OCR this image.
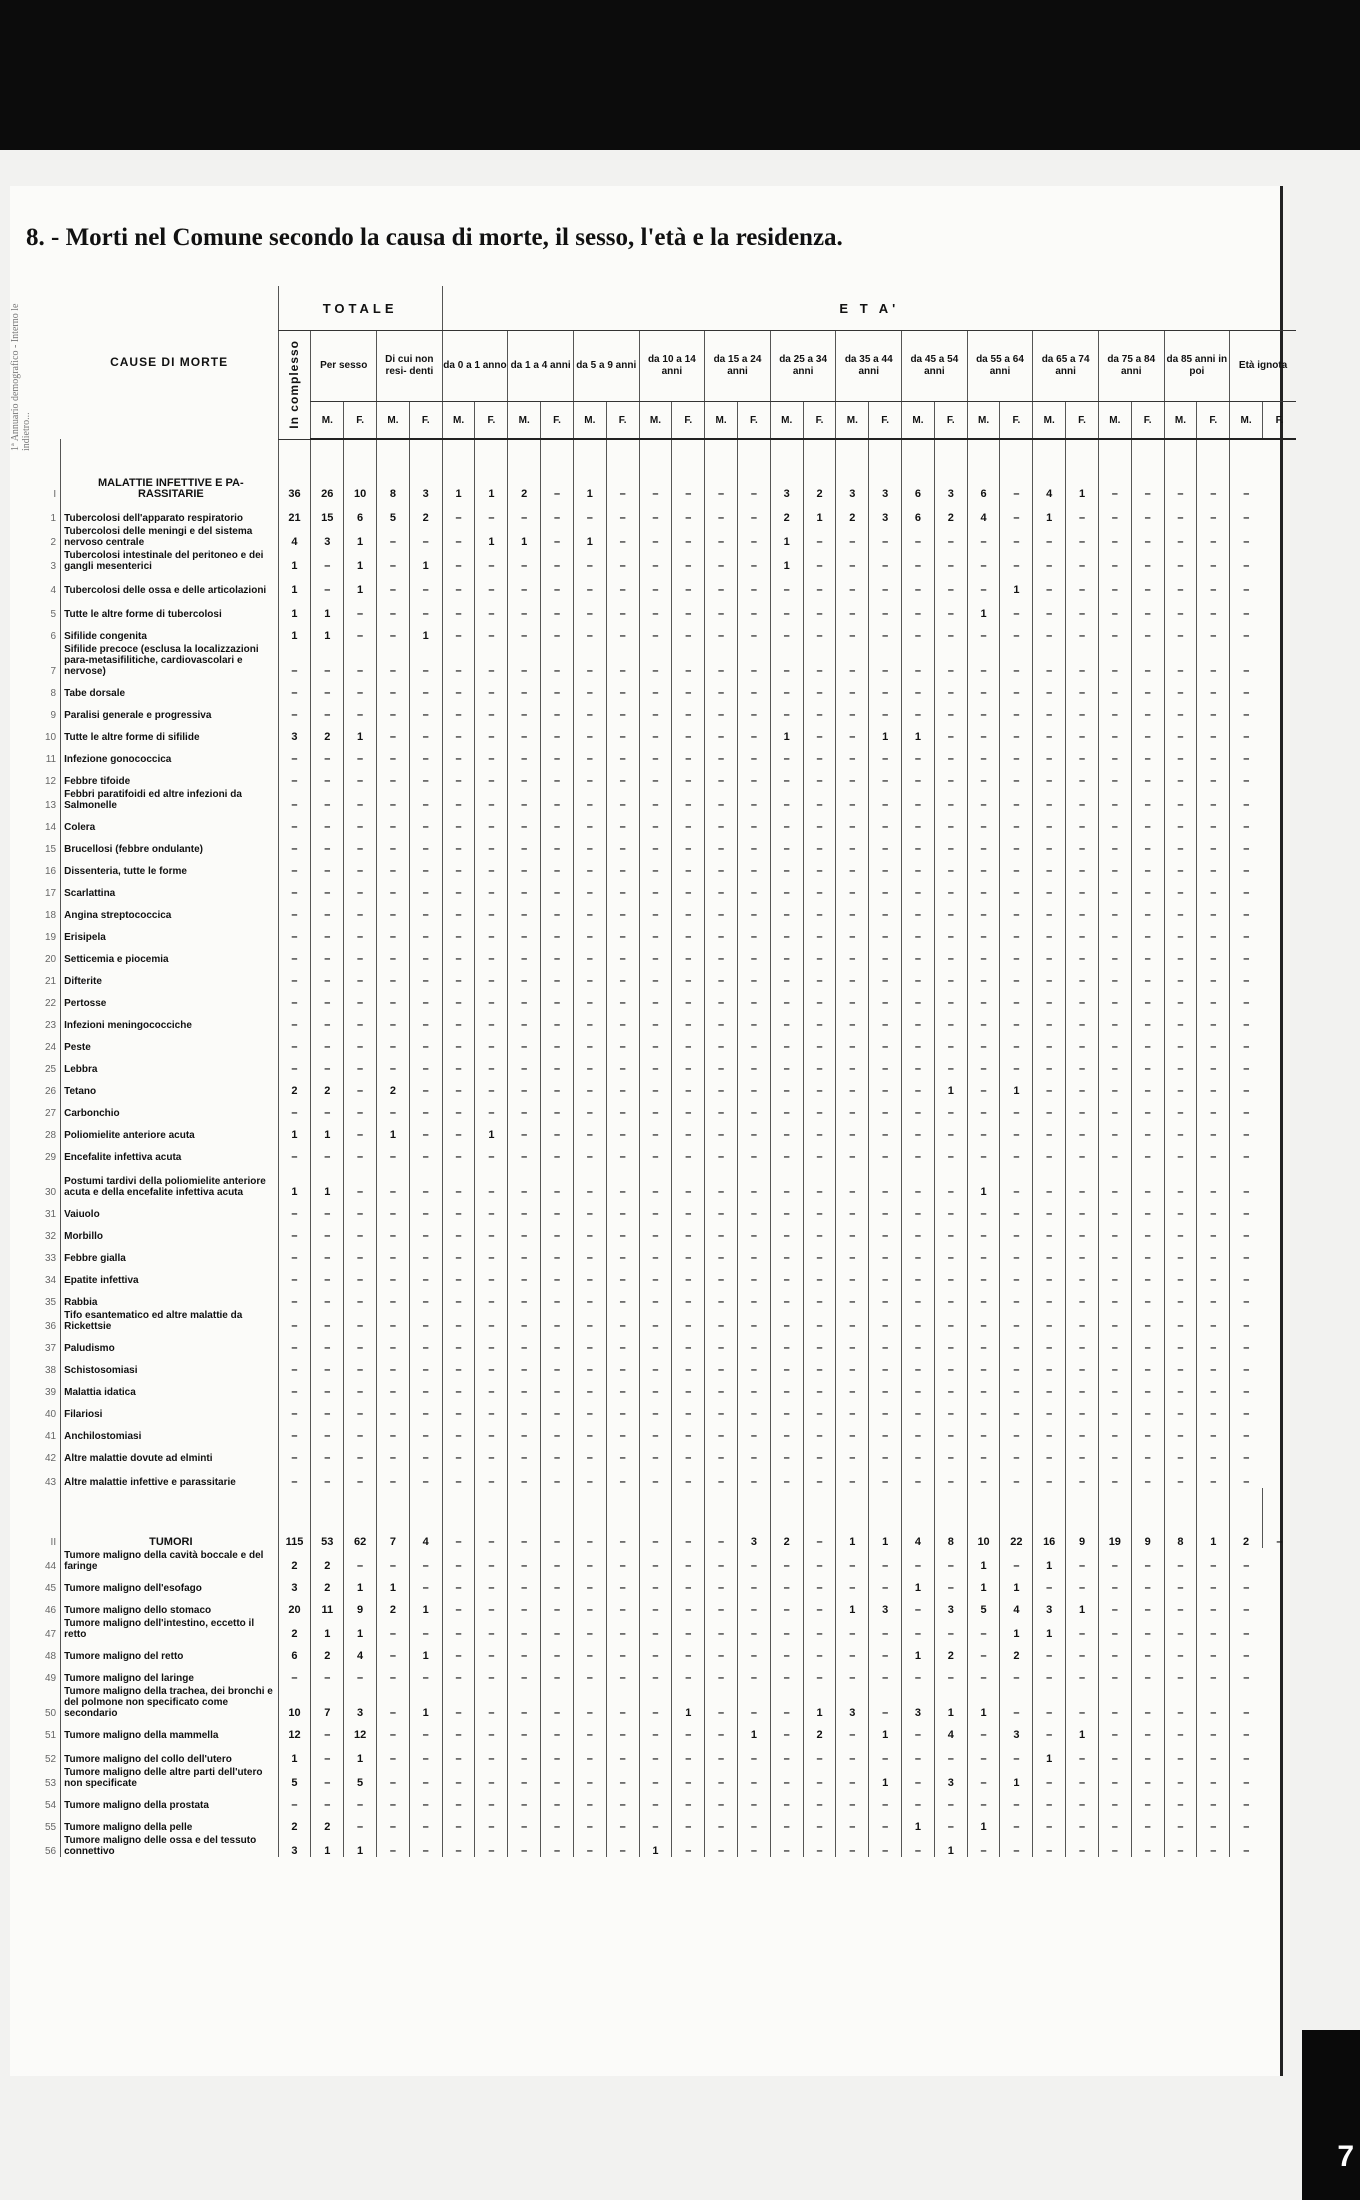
1ª Annuario demografico - Interno le indietro...
8. - Morti nel Comune secondo la causa di morte, il sesso, l'età e la residenza.
	CAUSE DI MORTE	TOTALE					E T A'																									

		In complesso	Per sesso		Di cui non resi- denti		da 0 a 1 anno		da 1 a 4 anni		da 5 a 9 anni		da 10 a 14 anni		da 15 a 24 anni		da 25 a 34 anni		da 35 a 44 anni		da 45 a 54 anni		da 55 a 64 anni		da 65 a 74 anni		da 75 a 84 anni		da 85 anni in poi		Età ignota	
			M.	F.	M.	F.	M.	F.	M.	F.	M.	F.	M.	F.	M.	F.	M.	F.	M.	F.	M.	F.	M.	F.	M.	F.	M.	F.	M.	F.	M.	F.
I	MALATTIE INFETTIVE E PA- RASSITARIE	36	26	10	8	3	1	1	2	–	1	–	–	–	–	–	3	2	3	3	6	3	6	–	4	1	–	–	–	–	–	
1	Tubercolosi dell'apparato respiratorio	21	15	6	5	2	–	–	–	–	–	–	–	–	–	–	2	1	2	3	6	2	4	–	1	–	–	–	–	–	–	
2	Tubercolosi delle meningi e del sistema nervoso centrale	4	3	1	–	–	–	1	1	–	1	–	–	–	–	–	1	–	–	–	–	–	–	–	–	–	–	–	–	–	–	
3	Tubercolosi intestinale del peritoneo e dei gangli mesenterici	1	–	1	–	1	–	–	–	–	–	–	–	–	–	–	1	–	–	–	–	–	–	–	–	–	–	–	–	–	–	
4	Tubercolosi delle ossa e delle articolazioni	1	–	1	–	–	–	–	–	–	–	–	–	–	–	–	–	–	–	–	–	–	–	1	–	–	–	–	–	–	–	
5	Tutte le altre forme di tubercolosi	1	1	–	–	–	–	–	–	–	–	–	–	–	–	–	–	–	–	–	–	–	1	–	–	–	–	–	–	–	–	
6	Sifilide congenita	1	1	–	–	1	–	–	–	–	–	–	–	–	–	–	–	–	–	–	–	–	–	–	–	–	–	–	–	–	–	
7	Sifilide precoce (esclusa la localizzazioni para-metasifilitiche, cardiovascolari e nervose)	–	–	–	–	–	–	–	–	–	–	–	–	–	–	–	–	–	–	–	–	–	–	–	–	–	–	–	–	–	–	
8	Tabe dorsale	–	–	–	–	–	–	–	–	–	–	–	–	–	–	–	–	–	–	–	–	–	–	–	–	–	–	–	–	–	–	
9	Paralisi generale e progressiva	–	–	–	–	–	–	–	–	–	–	–	–	–	–	–	–	–	–	–	–	–	–	–	–	–	–	–	–	–	–	
10	Tutte le altre forme di sifilide	3	2	1	–	–	–	–	–	–	–	–	–	–	–	–	1	–	–	1	1	–	–	–	–	–	–	–	–	–	–	
11	Infezione gonococcica	–	–	–	–	–	–	–	–	–	–	–	–	–	–	–	–	–	–	–	–	–	–	–	–	–	–	–	–	–	–	
12	Febbre tifoide	–	–	–	–	–	–	–	–	–	–	–	–	–	–	–	–	–	–	–	–	–	–	–	–	–	–	–	–	–	–	
13	Febbri paratifoidi ed altre infezioni da Salmonelle	–	–	–	–	–	–	–	–	–	–	–	–	–	–	–	–	–	–	–	–	–	–	–	–	–	–	–	–	–	–	
14	Colera	–	–	–	–	–	–	–	–	–	–	–	–	–	–	–	–	–	–	–	–	–	–	–	–	–	–	–	–	–	–	
15	Brucellosi (febbre ondulante)	–	–	–	–	–	–	–	–	–	–	–	–	–	–	–	–	–	–	–	–	–	–	–	–	–	–	–	–	–	–	
16	Dissenteria, tutte le forme	–	–	–	–	–	–	–	–	–	–	–	–	–	–	–	–	–	–	–	–	–	–	–	–	–	–	–	–	–	–	
17	Scarlattina	–	–	–	–	–	–	–	–	–	–	–	–	–	–	–	–	–	–	–	–	–	–	–	–	–	–	–	–	–	–	
18	Angina streptococcica	–	–	–	–	–	–	–	–	–	–	–	–	–	–	–	–	–	–	–	–	–	–	–	–	–	–	–	–	–	–	
19	Erisipela	–	–	–	–	–	–	–	–	–	–	–	–	–	–	–	–	–	–	–	–	–	–	–	–	–	–	–	–	–	–	
20	Setticemia e piocemia	–	–	–	–	–	–	–	–	–	–	–	–	–	–	–	–	–	–	–	–	–	–	–	–	–	–	–	–	–	–	
21	Difterite	–	–	–	–	–	–	–	–	–	–	–	–	–	–	–	–	–	–	–	–	–	–	–	–	–	–	–	–	–	–	
22	Pertosse	–	–	–	–	–	–	–	–	–	–	–	–	–	–	–	–	–	–	–	–	–	–	–	–	–	–	–	–	–	–	
23	Infezioni meningococciche	–	–	–	–	–	–	–	–	–	–	–	–	–	–	–	–	–	–	–	–	–	–	–	–	–	–	–	–	–	–	
24	Peste	–	–	–	–	–	–	–	–	–	–	–	–	–	–	–	–	–	–	–	–	–	–	–	–	–	–	–	–	–	–	
25	Lebbra	–	–	–	–	–	–	–	–	–	–	–	–	–	–	–	–	–	–	–	–	–	–	–	–	–	–	–	–	–	–	
26	Tetano	2	2	–	2	–	–	–	–	–	–	–	–	–	–	–	–	–	–	–	–	1	–	1	–	–	–	–	–	–	–	
27	Carbonchio	–	–	–	–	–	–	–	–	–	–	–	–	–	–	–	–	–	–	–	–	–	–	–	–	–	–	–	–	–	–	
28	Poliomielite anteriore acuta	1	1	–	1	–	–	1	–	–	–	–	–	–	–	–	–	–	–	–	–	–	–	–	–	–	–	–	–	–	–	
29	Encefalite infettiva acuta	–	–	–	–	–	–	–	–	–	–	–	–	–	–	–	–	–	–	–	–	–	–	–	–	–	–	–	–	–	–	
30	Postumi tardivi della poliomielite anteriore acuta e della encefalite infettiva acuta	1	1	–	–	–	–	–	–	–	–	–	–	–	–	–	–	–	–	–	–	–	1	–	–	–	–	–	–	–	–	
31	Vaiuolo	–	–	–	–	–	–	–	–	–	–	–	–	–	–	–	–	–	–	–	–	–	–	–	–	–	–	–	–	–	–	
32	Morbillo	–	–	–	–	–	–	–	–	–	–	–	–	–	–	–	–	–	–	–	–	–	–	–	–	–	–	–	–	–	–	
33	Febbre gialla	–	–	–	–	–	–	–	–	–	–	–	–	–	–	–	–	–	–	–	–	–	–	–	–	–	–	–	–	–	–	
34	Epatite infettiva	–	–	–	–	–	–	–	–	–	–	–	–	–	–	–	–	–	–	–	–	–	–	–	–	–	–	–	–	–	–	
35	Rabbia	–	–	–	–	–	–	–	–	–	–	–	–	–	–	–	–	–	–	–	–	–	–	–	–	–	–	–	–	–	–	
36	Tifo esantematico ed altre malattie da Rickettsie	–	–	–	–	–	–	–	–	–	–	–	–	–	–	–	–	–	–	–	–	–	–	–	–	–	–	–	–	–	–	
37	Paludismo	–	–	–	–	–	–	–	–	–	–	–	–	–	–	–	–	–	–	–	–	–	–	–	–	–	–	–	–	–	–	
38	Schistosomiasi	–	–	–	–	–	–	–	–	–	–	–	–	–	–	–	–	–	–	–	–	–	–	–	–	–	–	–	–	–	–	
39	Malattia idatica	–	–	–	–	–	–	–	–	–	–	–	–	–	–	–	–	–	–	–	–	–	–	–	–	–	–	–	–	–	–	
40	Filariosi	–	–	–	–	–	–	–	–	–	–	–	–	–	–	–	–	–	–	–	–	–	–	–	–	–	–	–	–	–	–	
41	Anchilostomiasi	–	–	–	–	–	–	–	–	–	–	–	–	–	–	–	–	–	–	–	–	–	–	–	–	–	–	–	–	–	–	
42	Altre malattie dovute ad elminti	–	–	–	–	–	–	–	–	–	–	–	–	–	–	–	–	–	–	–	–	–	–	–	–	–	–	–	–	–	–	
43	Altre malattie infettive e parassitarie	–	–	–	–	–	–	–	–	–	–	–	–	–	–	–	–	–	–	–	–	–	–	–	–	–	–	–	–	–	–	
II	TUMORI	115	53	62	7	4	–	–	–	–	–	–	–	–	–	3	2	–	1	1	4	8	10	22	16	9	19	9	8	1	2	–
44	Tumore maligno della cavità boccale e del faringe	2	2	–	–	–	–	–	–	–	–	–	–	–	–	–	–	–	–	–	–	–	1	–	1	–	–	–	–	–	–	
45	Tumore maligno dell'esofago	3	2	1	1	–	–	–	–	–	–	–	–	–	–	–	–	–	–	–	1	–	1	1	–	–	–	–	–	–	–	
46	Tumore maligno dello stomaco	20	11	9	2	1	–	–	–	–	–	–	–	–	–	–	–	–	1	3	–	3	5	4	3	1	–	–	–	–	–	
47	Tumore maligno dell'intestino, eccetto il retto	2	1	1	–	–	–	–	–	–	–	–	–	–	–	–	–	–	–	–	–	–	–	1	1	–	–	–	–	–	–	
48	Tumore maligno del retto	6	2	4	–	1	–	–	–	–	–	–	–	–	–	–	–	–	–	–	1	2	–	2	–	–	–	–	–	–	–	
49	Tumore maligno del laringe	–	–	–	–	–	–	–	–	–	–	–	–	–	–	–	–	–	–	–	–	–	–	–	–	–	–	–	–	–	–	
50	Tumore maligno della trachea, dei bronchi e del polmone non specificato come secondario	10	7	3	–	1	–	–	–	–	–	–	–	1	–	–	–	1	3	–	3	1	1	–	–	–	–	–	–	–	–	
51	Tumore maligno della mammella	12	–	12	–	–	–	–	–	–	–	–	–	–	–	1	–	2	–	1	–	4	–	3	–	1	–	–	–	–	–	
52	Tumore maligno del collo dell'utero	1	–	1	–	–	–	–	–	–	–	–	–	–	–	–	–	–	–	–	–	–	–	–	1	–	–	–	–	–	–	
53	Tumore maligno delle altre parti dell'utero non specificate	5	–	5	–	–	–	–	–	–	–	–	–	–	–	–	–	–	–	1	–	3	–	1	–	–	–	–	–	–	–	
54	Tumore maligno della prostata	–	–	–	–	–	–	–	–	–	–	–	–	–	–	–	–	–	–	–	–	–	–	–	–	–	–	–	–	–	–	
55	Tumore maligno della pelle	2	2	–	–	–	–	–	–	–	–	–	–	–	–	–	–	–	–	–	1	–	1	–	–	–	–	–	–	–	–	
56	Tumore maligno delle ossa e del tessuto connettivo	3	1	1	–	–	–	–	–	–	–	–	1	–	–	–	–	–	–	–	–	1	–	–	–	–	–	–	–	–	–	
7
